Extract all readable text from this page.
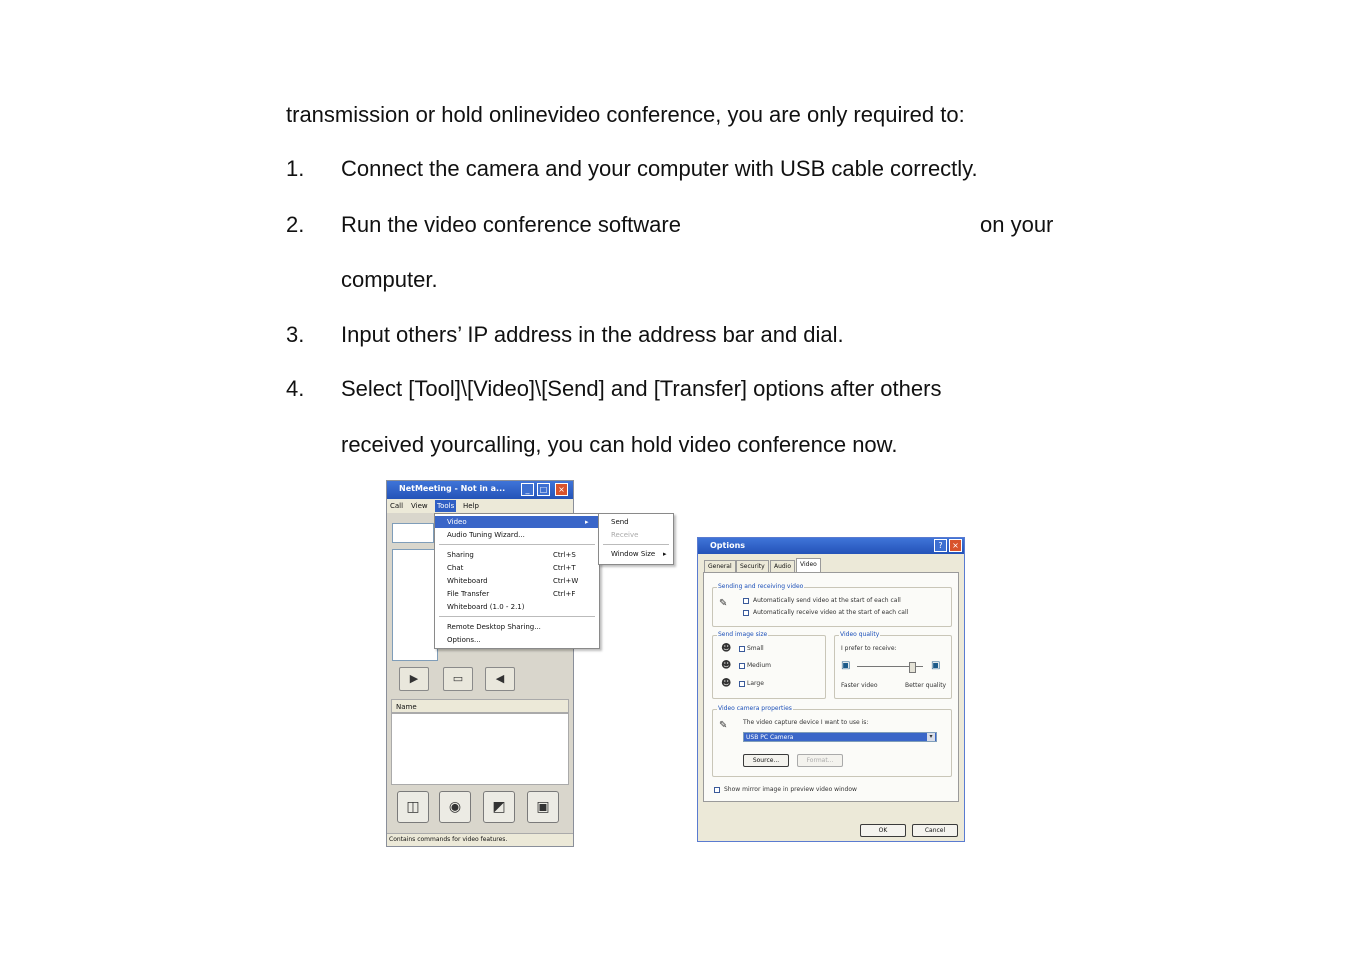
transmission or hold onlinevideo conference, you are only required to:
1. Connect the camera and your computer with USB cable correctly.
2. Run the video conference software	on your
computer.
3. Input others’ IP address in the address bar and dial.
4. Select [Tool]\[Video]\[Send] and [Transfer] options after others
received yourcalling, you can hold video conference now.
NetMeeting - Not in a...	_	□	×
Call View Tools Help
▶	▭	◀
Name
◫	◉	◩	▣
Contains commands for video features.
Video	▸
Audio Tuning Wizard...
Sharing	Ctrl+S
Chat	Ctrl+T
Whiteboard	Ctrl+W
File Transfer	Ctrl+F
Whiteboard (1.0 - 2.1)
Remote Desktop Sharing...
Options...
Send
Receive
Window Size ▸
Options	?	×
General	Security	Audio	Video
Sending and receiving video
✎	Automatically send video at the start of each call
Automatically receive video at the start of each call
Send image size
☻	Small
☻	Medium
☻	Large
Video quality
I prefer to receive:
▣	▣
Faster video	Better quality
Video camera properties
✎	The video capture device I want to use is:
USB PC Camera	▾
Source...	Format...
Show mirror image in preview video window
OK	Cancel
